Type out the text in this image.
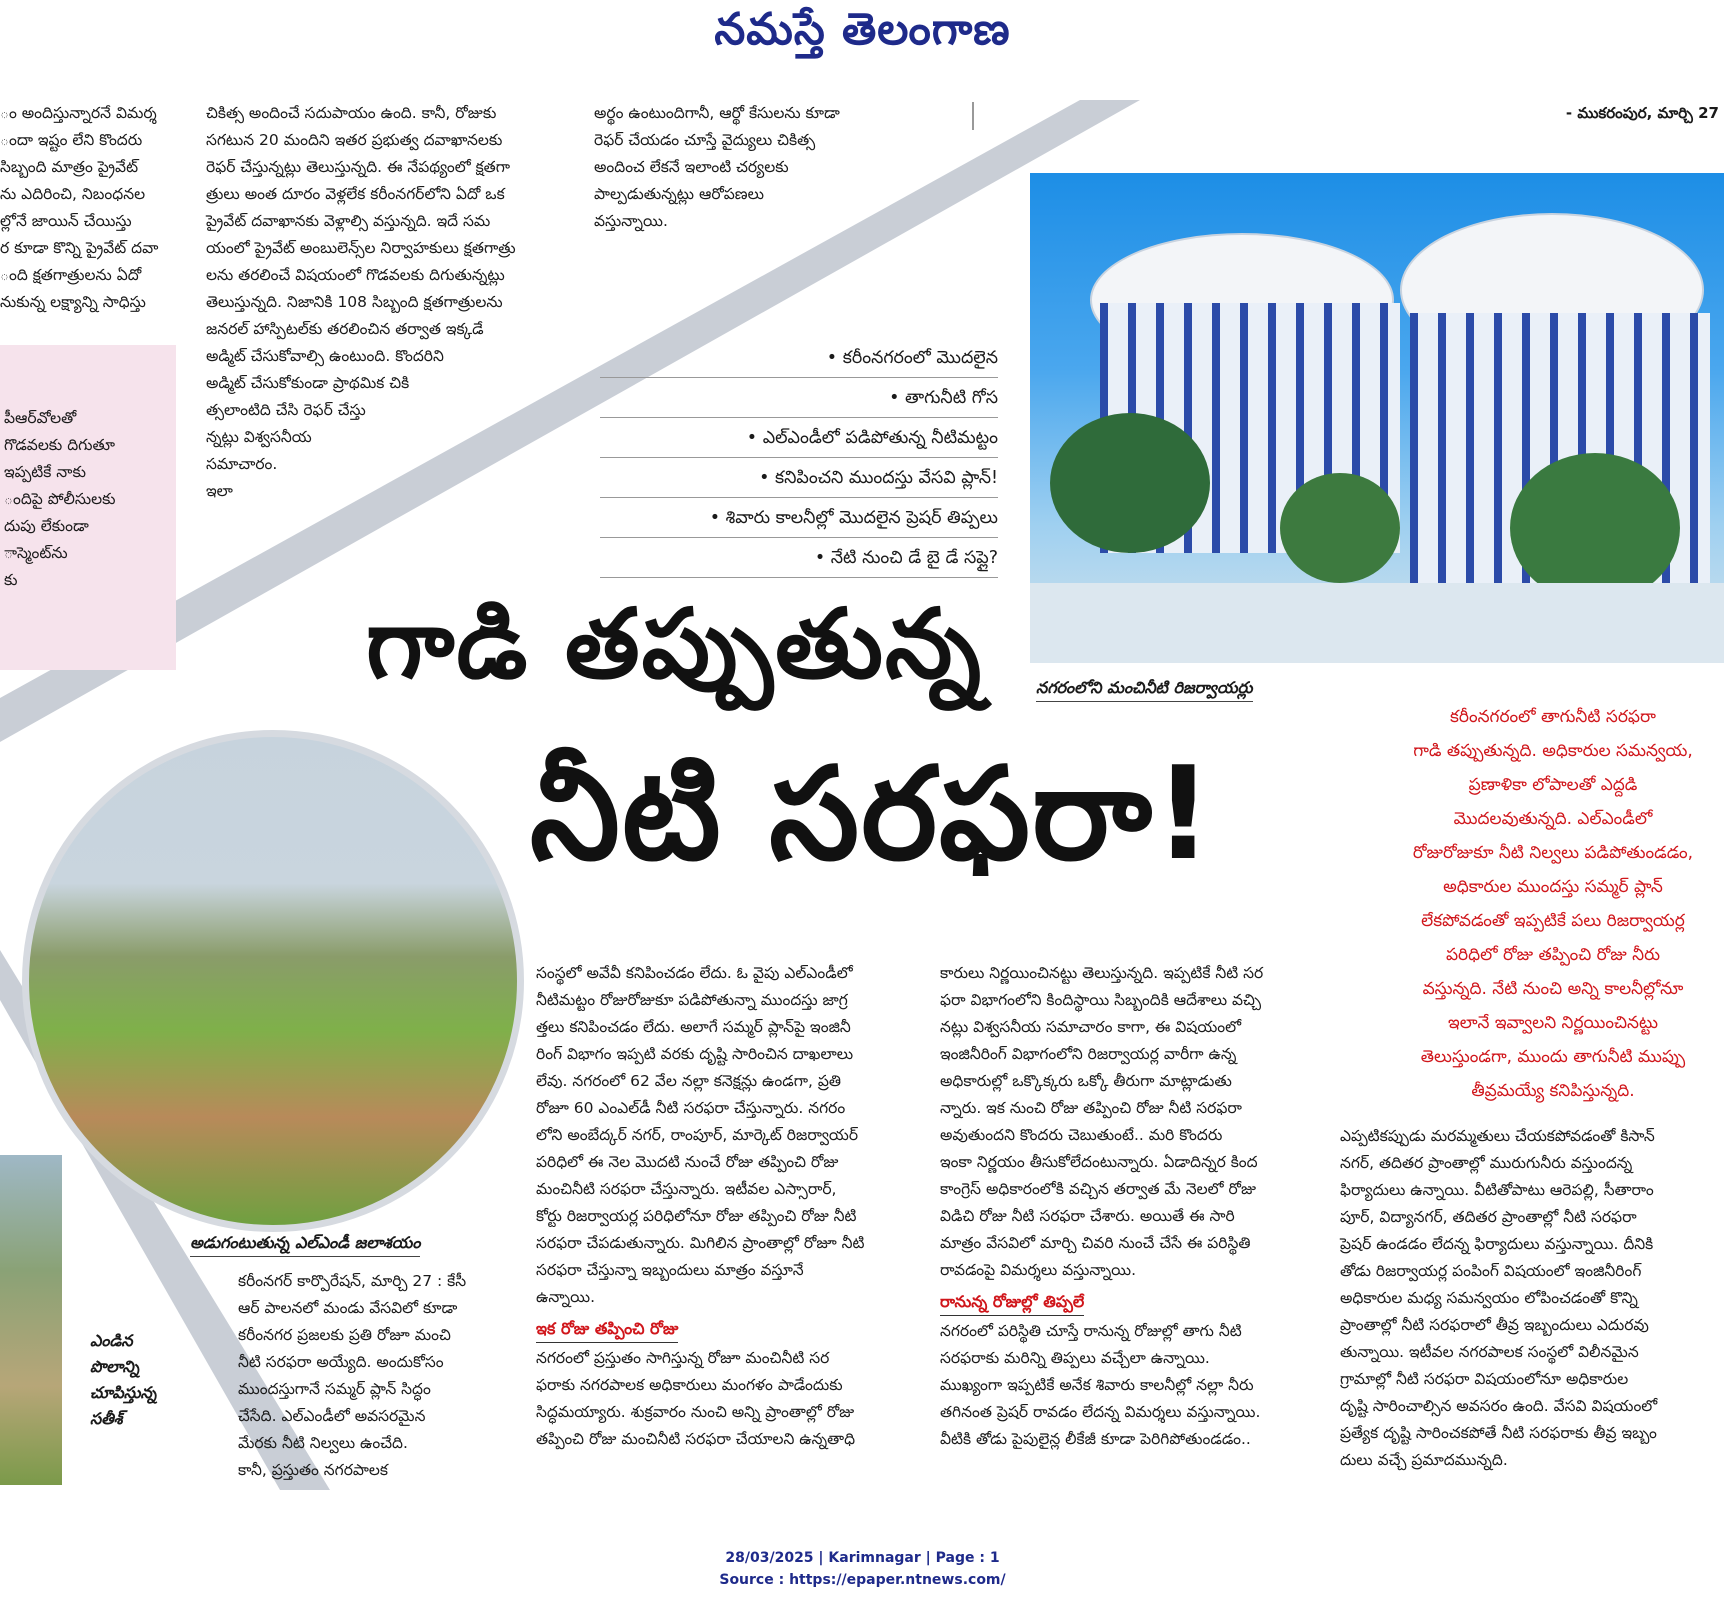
నమస్తే తెలంగాణ
- ముకరంపుర, మార్చి 27
ం అందిస్తున్నారనే విమర్శ
ందా ఇష్టం లేని కొందరు
సిబ్బంది మాత్రం ప్రైవేట్
ను ఎదిరించి, నిబంధనల
ల్లోనే జాయిన్ చేయిస్తు
ర కూడా కొన్ని ప్రైవేట్ దవా
ంది క్షతగాత్రులను ఏదో
నుకున్న లక్ష్యాన్ని సాధిస్తు
చికిత్స అందించే సదుపాయం ఉంది. కానీ, రోజుకు
సగటున 20 మందిని ఇతర ప్రభుత్వ దవాఖానలకు
రెఫర్ చేస్తున్నట్లు తెలుస్తున్నది. ఈ నేపథ్యంలో క్షతగా
త్రులు అంత దూరం వెళ్లలేక కరీంనగర్‌లోని ఏదో ఒక
ప్రైవేట్ దవాఖానకు వెళ్లాల్సి వస్తున్నది. ఇదే సమ
యంలో ప్రైవేట్ అంబులెన్స్‌ల నిర్వాహకులు క్షతగాత్రు
లను తరలించే విషయంలో గొడవలకు దిగుతున్నట్లు
తెలుస్తున్నది. నిజానికి 108 సిబ్బంది క్షతగాత్రులను
జనరల్ హాస్పిటల్‌కు తరలించిన తర్వాత ఇక్కడే
అడ్మిట్ చేసుకోవాల్సి ఉంటుంది. కొందరిని
అడ్మిట్ చేసుకోకుండా ప్రాథమిక చికి
త్సలాంటిది చేసి రెఫర్ చేస్తు
న్నట్లు విశ్వసనీయ
సమాచారం.
ఇలా
అర్థం ఉంటుందిగానీ, ఆర్థో కేసులను కూడా
రెఫర్ చేయడం చూస్తే వైద్యులు చికిత్స
అందించ లేకనే ఇలాంటి చర్యలకు
పాల్పడుతున్నట్లు ఆరోపణలు
వస్తున్నాయి.
పీఆర్‌వోలతో
గొడవలకు దిగుతూ
ఇప్పటికే నాకు
ందిపై పోలీసులకు
దుపు లేకుండా
ాస్మెంట్‌ను
కు
• కరీంనగరంలో మొదలైన
• తాగునీటి గోస
• ఎల్‌ఎండీలో పడిపోతున్న నీటిమట్టం
• కనిపించని ముందస్తు వేసవి ప్లాన్!
• శివారు కాలనీల్లో మొదలైన ప్రెషర్ తిప్పలు
• నేటి నుంచి డే బై డే సప్లై?
నగరంలోని మంచినీటి రిజర్వాయర్లు
గాడి తప్పుతున్న
నీటి సరఫరా!
అడుగంటుతున్న ఎల్‌ఎండీ జలాశయం
ఎండిన
పొలాన్ని
చూపిస్తున్న
సతీశ్
కరీంనగరంలో తాగునీటి సరఫరా
గాడి తప్పుతున్నది. అధికారుల సమన్వయ,
ప్రణాళికా లోపాలతో ఎద్దడి
మొదలవుతున్నది. ఎల్‌ఎండీలో
రోజురోజుకూ నీటి నిల్వలు పడిపోతుండడం,
అధికారుల ముందస్తు సమ్మర్ ప్లాన్
లేకపోవడంతో ఇప్పటికే పలు రిజర్వాయర్ల
పరిధిలో రోజు తప్పించి రోజు నీరు
వస్తున్నది. నేటి నుంచి అన్ని కాలనీల్లోనూ
ఇలానే ఇవ్వాలని నిర్ణయించినట్టు
తెలుస్తుండగా, ముందు తాగునీటి ముప్పు
తీవ్రమయ్యే కనిపిస్తున్నది.
కరీంనగర్ కార్పొరేషన్, మార్చి 27 : కేసీ
ఆర్ పాలనలో మండు వేసవిలో కూడా
కరీంనగర ప్రజలకు ప్రతి రోజూ మంచి
నీటి సరఫరా అయ్యేది. అందుకోసం
ముందస్తుగానే సమ్మర్ ప్లాన్ సిద్ధం
చేసేది. ఎల్‌ఎండీలో అవసరమైన
మేరకు నీటి నిల్వలు ఉంచేది.
కానీ, ప్రస్తుతం నగరపాలక
సంస్థలో అవేవీ కనిపించడం లేదు. ఓ వైపు ఎల్‌ఎండీలో
నీటిమట్టం రోజురోజుకూ పడిపోతున్నా ముందస్తు జాగ్ర
త్తలు కనిపించడం లేదు. అలాగే సమ్మర్ ప్లాన్‌పై ఇంజినీ
రింగ్ విభాగం ఇప్పటి వరకు దృష్టి సారించిన దాఖలాలు
లేవు. నగరంలో 62 వేల నల్లా కనెక్షన్లు ఉండగా, ప్రతి
రోజూ 60 ఎంఎల్‌డీ నీటి సరఫరా చేస్తున్నారు. నగరం
లోని అంబేద్కర్ నగర్, రాంపూర్, మార్కెట్ రిజర్వాయర్
పరిధిలో ఈ నెల మొదటి నుంచే రోజు తప్పించి రోజు
మంచినీటి సరఫరా చేస్తున్నారు. ఇటీవల ఎస్సారార్,
కోర్టు రిజర్వాయర్ల పరిధిలోనూ రోజు తప్పించి రోజు నీటి
సరఫరా చేపడుతున్నారు. మిగిలిన ప్రాంతాల్లో రోజూ నీటి
సరఫరా చేస్తున్నా ఇబ్బందులు మాత్రం వస్తూనే
ఉన్నాయి.
ఇక రోజు తప్పించి రోజు
నగరంలో ప్రస్తుతం సాగిస్తున్న రోజూ మంచినీటి సర
ఫరాకు నగరపాలక అధికారులు మంగళం పాడేందుకు
సిద్ధమయ్యారు. శుక్రవారం నుంచి అన్ని ప్రాంతాల్లో రోజు
తప్పించి రోజు మంచినీటి సరఫరా చేయాలని ఉన్నతాధి
కారులు నిర్ణయించినట్టు తెలుస్తున్నది. ఇప్పటికే నీటి సర
ఫరా విభాగంలోని కిందిస్థాయి సిబ్బందికి ఆదేశాలు వచ్చి
నట్లు విశ్వసనీయ సమాచారం కాగా, ఈ విషయంలో
ఇంజినీరింగ్ విభాగంలోని రిజర్వాయర్ల వారీగా ఉన్న
అధికారుల్లో ఒక్కొక్కరు ఒక్కో తీరుగా మాట్లాడుతు
న్నారు. ఇక నుంచి రోజు తప్పించి రోజు నీటి సరఫరా
అవుతుందని కొందరు చెబుతుంటే.. మరి కొందరు
ఇంకా నిర్ణయం తీసుకోలేదంటున్నారు. ఏడాదిన్నర కింద
కాంగ్రెస్ అధికారంలోకి వచ్చిన తర్వాత మే నెలలో రోజు
విడిచి రోజు నీటి సరఫరా చేశారు. అయితే ఈ సారి
మాత్రం వేసవిలో మార్చి చివరి నుంచే చేసే ఈ పరిస్థితి
రావడంపై విమర్శలు వస్తున్నాయి.
రానున్న రోజుల్లో తిప్పలే
నగరంలో పరిస్థితి చూస్తే రానున్న రోజుల్లో తాగు నీటి
సరఫరాకు మరిన్ని తిప్పలు వచ్చేలా ఉన్నాయి.
ముఖ్యంగా ఇప్పటికే అనేక శివారు కాలనీల్లో నల్లా నీరు
తగినంత ప్రెషర్ రావడం లేదన్న విమర్శలు వస్తున్నాయి.
వీటికి తోడు పైపులైన్ల లీకేజీ కూడా పెరిగిపోతుండడం..
ఎప్పటికప్పుడు మరమ్మతులు చేయకపోవడంతో కిసాన్
నగర్, తదితర ప్రాంతాల్లో మురుగునీరు వస్తుందన్న
ఫిర్యాదులు ఉన్నాయి. వీటితోపాటు ఆరెపల్లి, సీతారాం
పూర్, విద్యానగర్, తదితర ప్రాంతాల్లో నీటి సరఫరా
ప్రెషర్ ఉండడం లేదన్న ఫిర్యాదులు వస్తున్నాయి. దీనికి
తోడు రిజర్వాయర్ల పంపింగ్ విషయంలో ఇంజినీరింగ్
అధికారుల మధ్య సమన్వయం లోపించడంతో కొన్ని
ప్రాంతాల్లో నీటి సరఫరాలో తీవ్ర ఇబ్బందులు ఎదురవు
తున్నాయి. ఇటీవల నగరపాలక సంస్థలో విలీనమైన
గ్రామాల్లో నీటి సరఫరా విషయంలోనూ అధికారుల
దృష్టి సారించాల్సిన అవసరం ఉంది. వేసవి విషయంలో
ప్రత్యేక దృష్టి సారించకపోతే నీటి సరఫరాకు తీవ్ర ఇబ్బం
దులు వచ్చే ప్రమాదమున్నది.
28/03/2025 | Karimnagar | Page : 1
Source : https://epaper.ntnews.com/
